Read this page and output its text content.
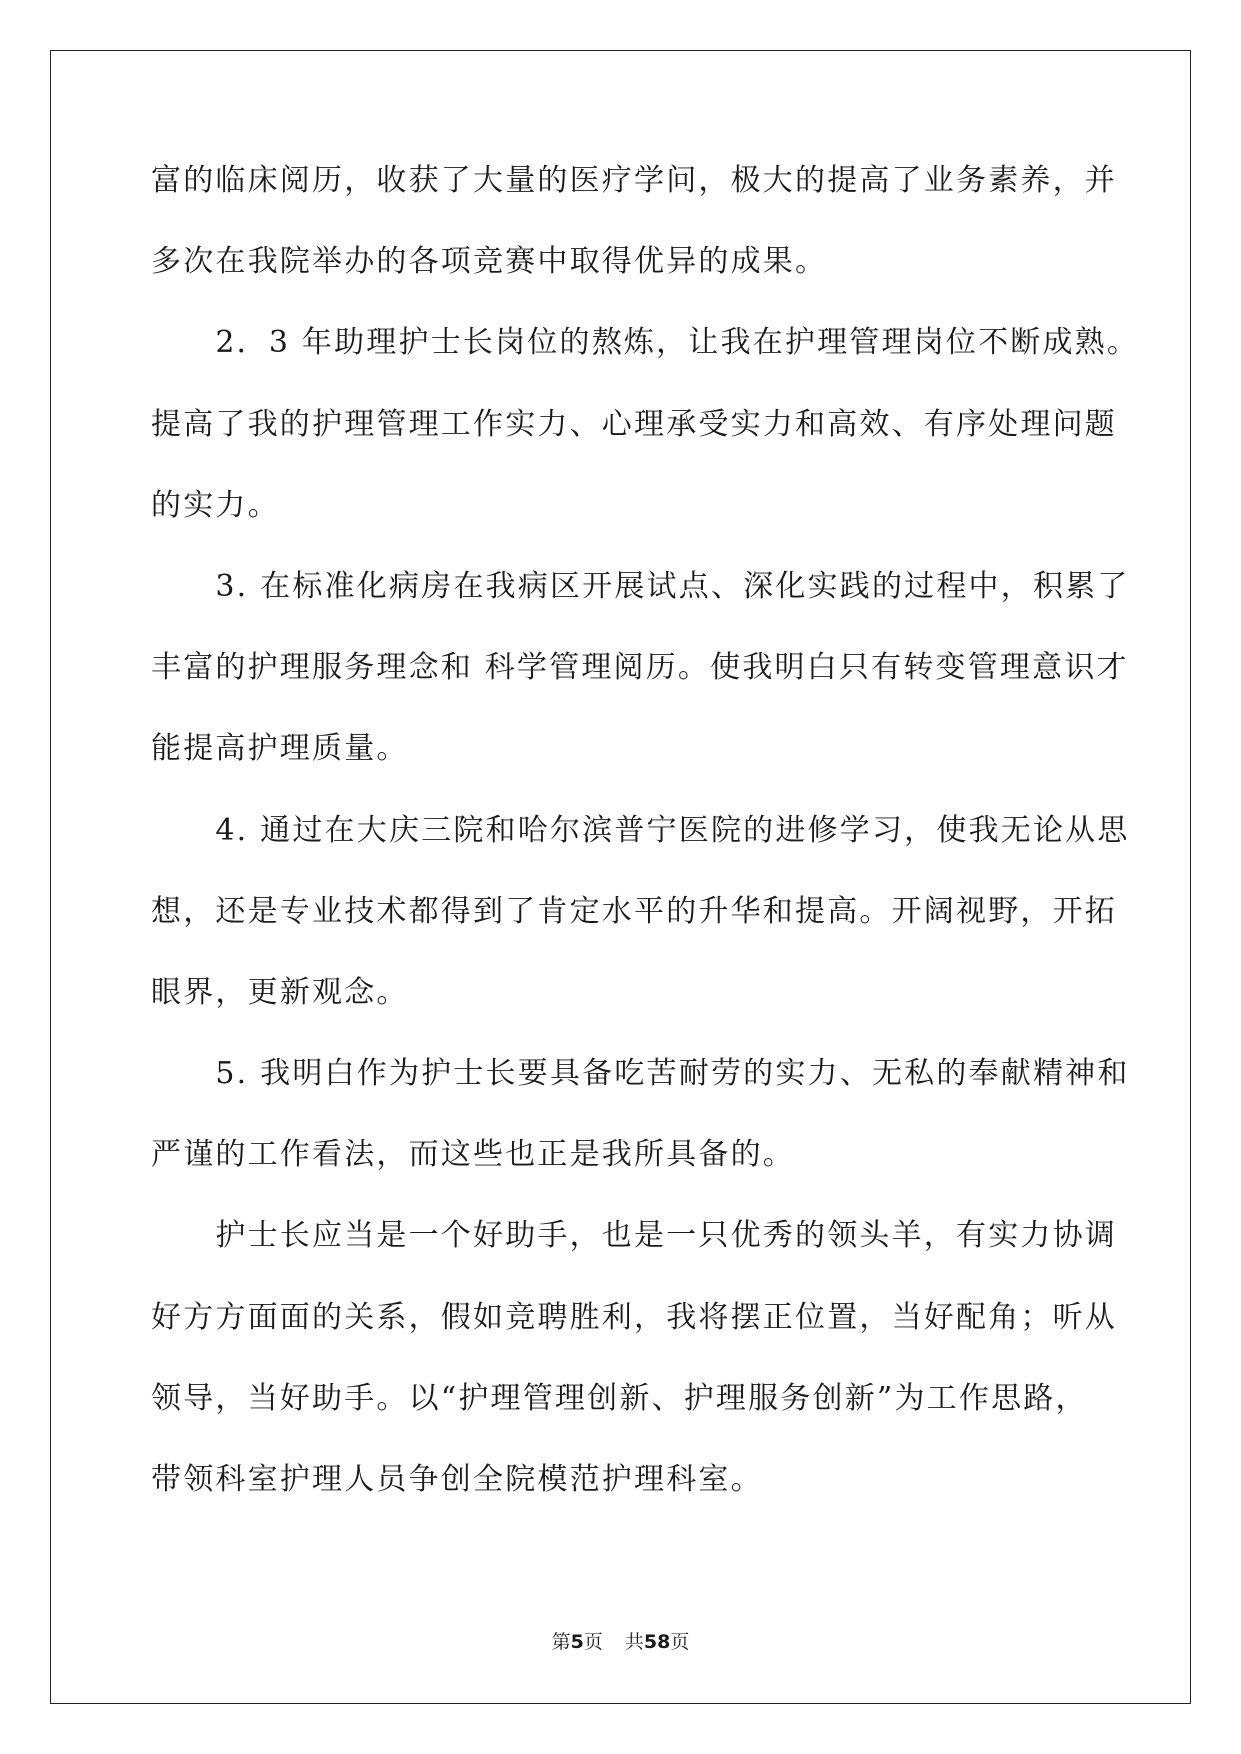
富的临床阅历，收获了大量的医疗学问，极大的提高了业务素养，并
多次在我院举办的各项竞赛中取得优异的成果。
　　2．3 年助理护士长岗位的熬炼，让我在护理管理岗位不断成熟。
提高了我的护理管理工作实力、心理承受实力和高效、有序处理问题
的实力。
　　3. 在标准化病房在我病区开展试点、深化实践的过程中，积累了
丰富的护理服务理念和 科学管理阅历。使我明白只有转变管理意识才
能提高护理质量。
　　4. 通过在大庆三院和哈尔滨普宁医院的进修学习，使我无论从思
想，还是专业技术都得到了肯定水平的升华和提高。开阔视野，开拓
眼界，更新观念。
　　5. 我明白作为护士长要具备吃苦耐劳的实力、无私的奉献精神和
严谨的工作看法，而这些也正是我所具备的。
　　护士长应当是一个好助手，也是一只优秀的领头羊，有实力协调
好方方面面的关系，假如竞聘胜利，我将摆正位置，当好配角；听从
领导，当好助手。以“护理管理创新、护理服务创新”为工作思路，
带领科室护理人员争创全院模范护理科室。
第5页 共58页
